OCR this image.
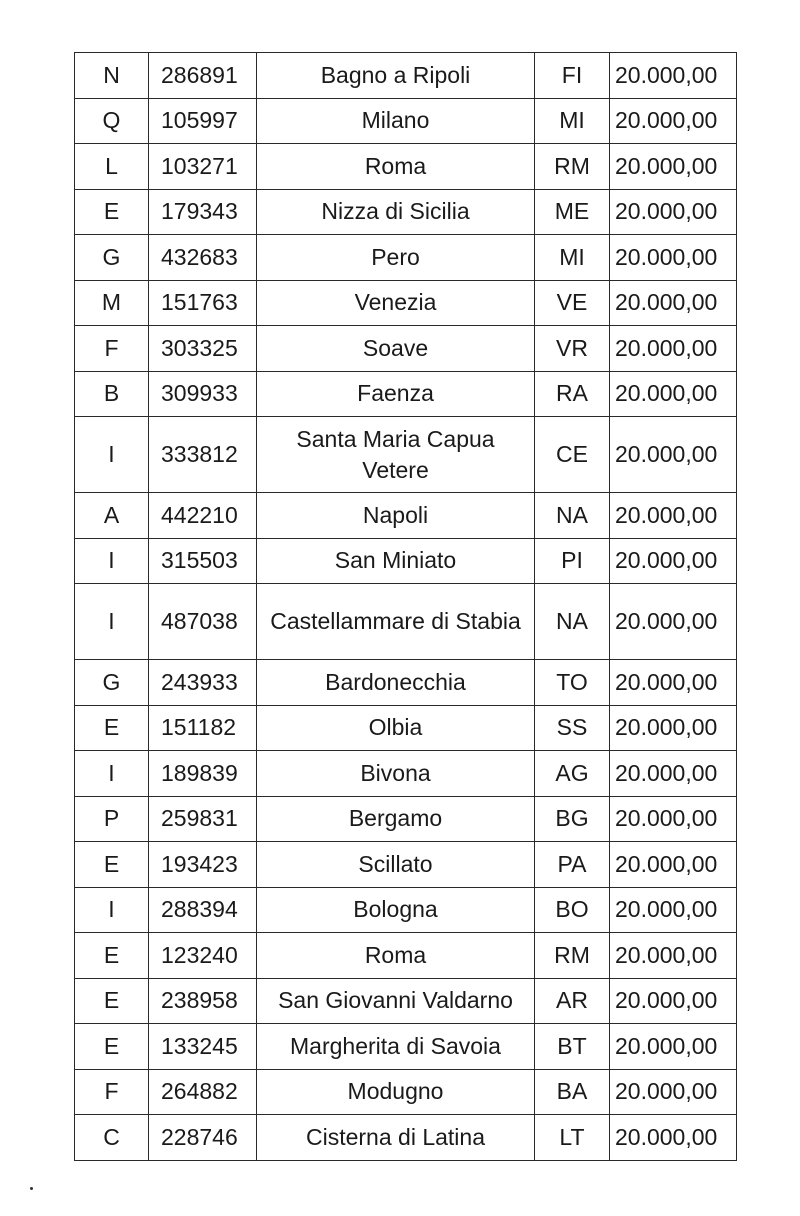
N	286891	Bagno a Ripoli	FI	20.000,00
Q	105997	Milano	MI	20.000,00
L	103271	Roma	RM	20.000,00
E	179343	Nizza di Sicilia	ME	20.000,00
G	432683	Pero	MI	20.000,00
M	151763	Venezia	VE	20.000,00
F	303325	Soave	VR	20.000,00
B	309933	Faenza	RA	20.000,00
I	333812	Santa Maria Capua Vetere	CE	20.000,00
A	442210	Napoli	NA	20.000,00
I	315503	San Miniato	PI	20.000,00
I	487038	Castellammare di Stabia	NA	20.000,00
G	243933	Bardonecchia	TO	20.000,00
E	151182	Olbia	SS	20.000,00
I	189839	Bivona	AG	20.000,00
P	259831	Bergamo	BG	20.000,00
E	193423	Scillato	PA	20.000,00
I	288394	Bologna	BO	20.000,00
E	123240	Roma	RM	20.000,00
E	238958	San Giovanni Valdarno	AR	20.000,00
E	133245	Margherita di Savoia	BT	20.000,00
F	264882	Modugno	BA	20.000,00
C	228746	Cisterna di Latina	LT	20.000,00
